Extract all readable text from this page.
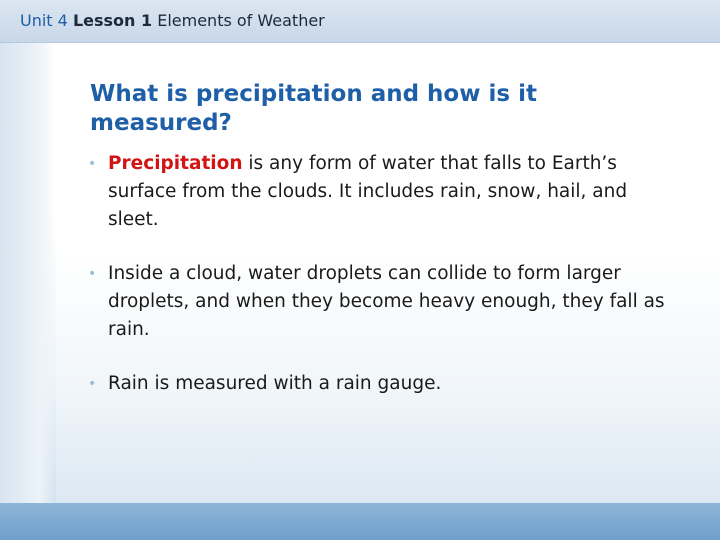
Unit 4 Lesson 1 Elements of Weather
What is precipitation and how is it measured?
• Precipitation is any form of water that falls to Earth’s surface from the clouds. It includes rain, snow, hail, and sleet.
• Inside a cloud, water droplets can collide to form larger droplets, and when they become heavy enough, they fall as rain.
• Rain is measured with a rain gauge.
